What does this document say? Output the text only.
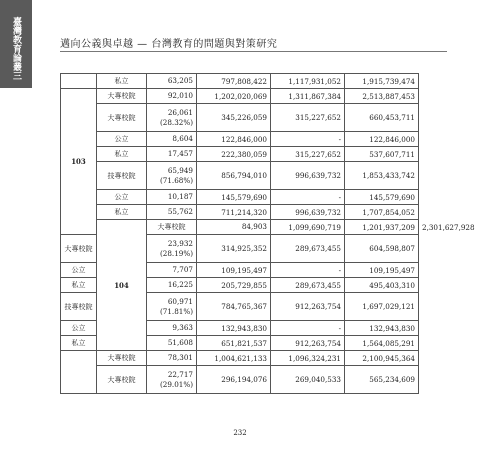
臺灣教育論叢三	邁向公義與卓越 — 台灣教育的問題與對策研究
	私立	63,205	797,808,422	1,117,931,052	1,915,739,474	
103	大專校院	92,010	1,202,020,069	1,311,867,384	2,513,887,453	
	大專校院	26,061
(28.32%)	345,226,059	315,227,652	660,453,711	
	公立	8,604	122,846,000	-	122,846,000	
	私立	17,457	222,380,059	315,227,652	537,607,711	
	技專校院	65,949
(71.68%)	856,794,010	996,639,732	1,853,433,742	
	公立	10,187	145,579,690	-	145,579,690	
	私立	55,762	711,214,320	996,639,732	1,707,854,052	
	104	大專校院	84,903	1,099,690,719	1,201,937,209	2,301,627,928
大專校院		23,932
(28.19%)	314,925,352	289,673,455	604,598,807	
公立		7,707	109,195,497	-	109,195,497	
私立		16,225	205,729,855	289,673,455	495,403,310	
技專校院		60,971
(71.81%)	784,765,367	912,263,754	1,697,029,121	
公立		9,363	132,943,830	-	132,943,830	
私立		51,608	651,821,537	912,263,754	1,564,085,291	
	大專校院	78,301	1,004,621,133	1,096,324,231	2,100,945,364	
	大專校院	22,717
(29.01%)	296,194,076	269,040,533	565,234,609	
232
